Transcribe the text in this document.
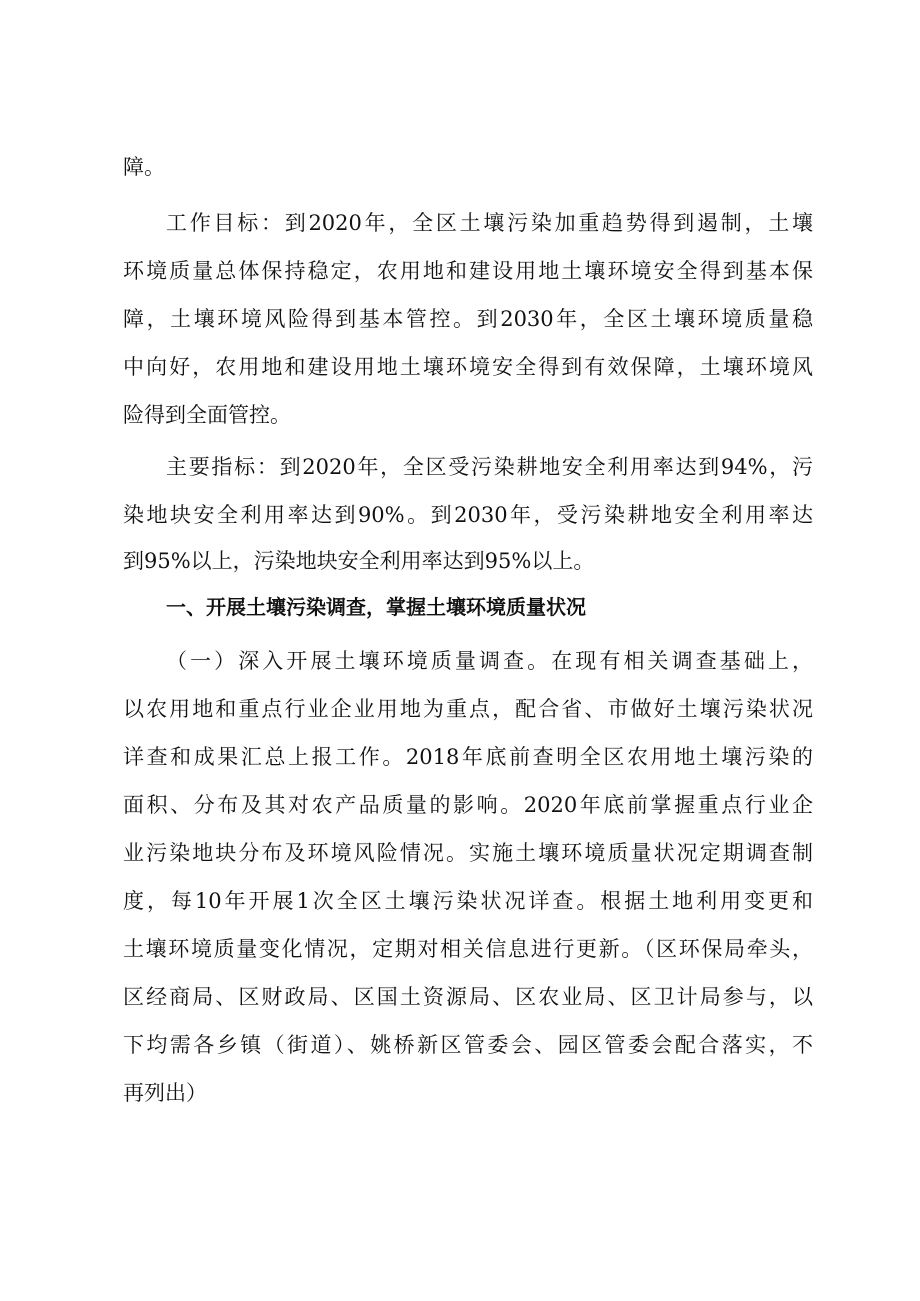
障。
工作目标：到2020年，全区土壤污染加重趋势得到遏制，土壤
环境质量总体保持稳定，农用地和建设用地土壤环境安全得到基本保
障，土壤环境风险得到基本管控。到2030年，全区土壤环境质量稳
中向好，农用地和建设用地土壤环境安全得到有效保障，土壤环境风
险得到全面管控。
主要指标：到2020年，全区受污染耕地安全利用率达到94%，污
染地块安全利用率达到90%。到2030年，受污染耕地安全利用率达
到95%以上，污染地块安全利用率达到95%以上。
一、开展土壤污染调查，掌握土壤环境质量状况
（一）深入开展土壤环境质量调查。在现有相关调查基础上，
以农用地和重点行业企业用地为重点，配合省、市做好土壤污染状况
详查和成果汇总上报工作。2018年底前查明全区农用地土壤污染的
面积、分布及其对农产品质量的影响。2020年底前掌握重点行业企
业污染地块分布及环境风险情况。实施土壤环境质量状况定期调查制
度，每10年开展1次全区土壤污染状况详查。根据土地利用变更和
土壤环境质量变化情况，定期对相关信息进行更新。（区环保局牵头，
区经商局、区财政局、区国土资源局、区农业局、区卫计局参与，以
下均需各乡镇（街道）、姚桥新区管委会、园区管委会配合落实，不
再列出）
